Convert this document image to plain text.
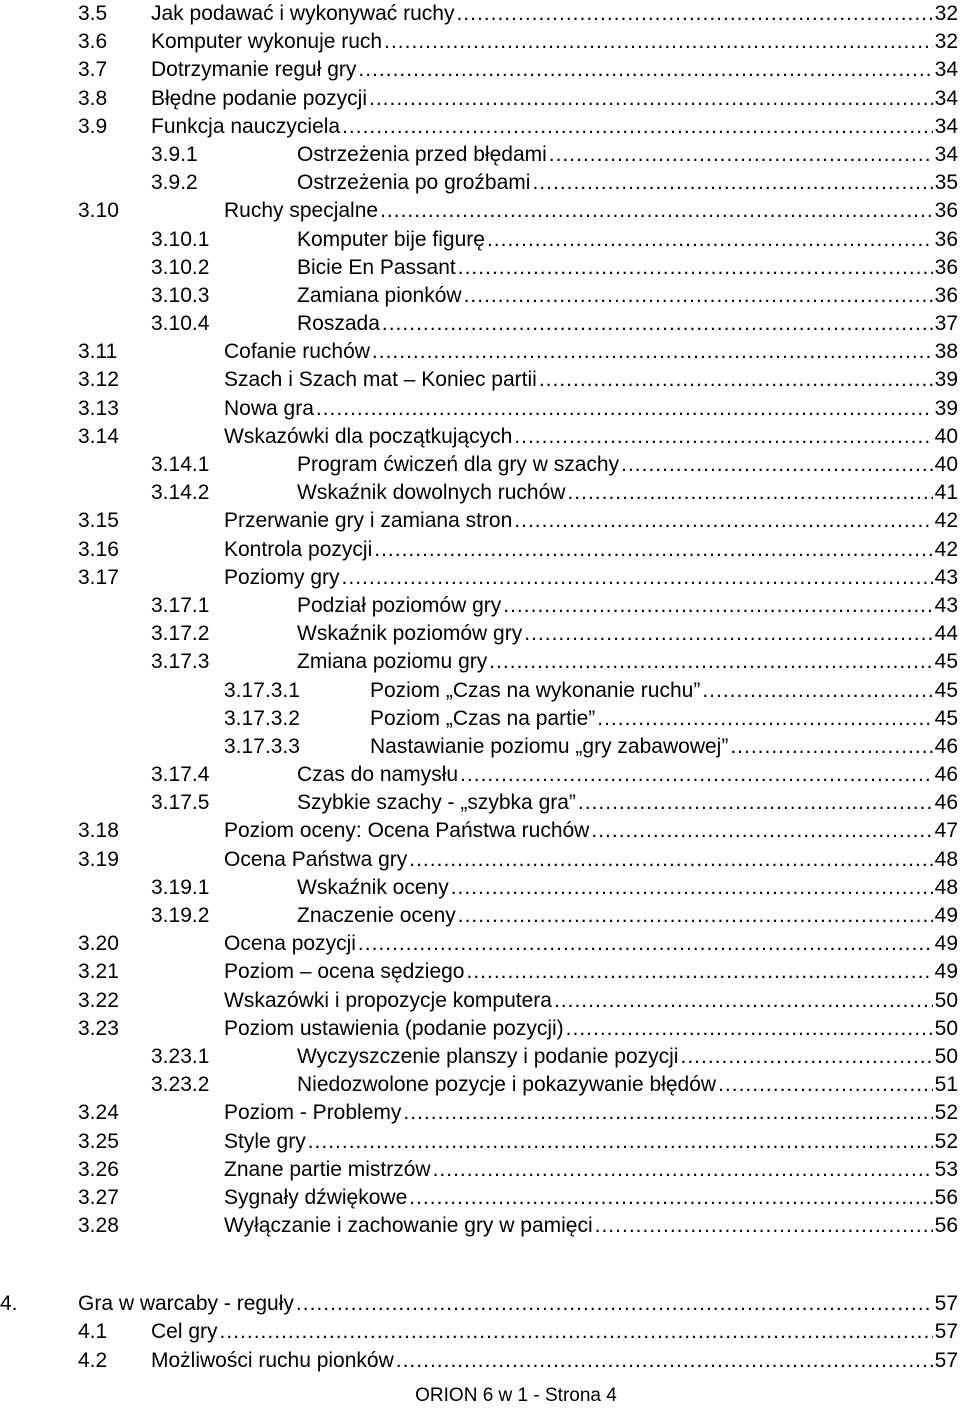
3.5 Jak podawać i wykonywać ruchy .....	32
3.6 Komputer wykonuje ruch .....	32
3.7 Dotrzymanie reguł gry .....	34
3.8 Błędne podanie pozycji .....	34
3.9 Funkcja nauczyciela .....	34
3.9.1	Ostrzeżenia przed błędami .....	34
3.9.2	Ostrzeżenia po groźbami .....	35
3.10	Ruchy specjalne .....	36
3.10.1	Komputer bije figurę .....	36
3.10.2	Bicie En Passant .....	36
3.10.3	Zamiana pionków .....	36
3.10.4	Roszada .....	37
3.11	Cofanie ruchów .....	38
3.12	Szach i Szach mat – Koniec partii .....	39
3.13	Nowa gra .....	39
3.14	Wskazówki dla początkujących .....	40
3.14.1	Program ćwiczeń dla gry w szachy .....	40
3.14.2	Wskaźnik dowolnych ruchów .....	41
3.15	Przerwanie gry i zamiana stron .....	42
3.16	Kontrola pozycji .....	42
3.17	Poziomy gry .....	43
3.17.1	Podział poziomów gry .....	43
3.17.2	Wskaźnik poziomów gry .....	44
3.17.3	Zmiana poziomu gry .....	45
3.17.3.1	Poziom „Czas na wykonanie ruchu” .....	45
3.17.3.2	Poziom „Czas na partie” .....	45
3.17.3.3	Nastawianie poziomu „gry zabawowej” .....	46
3.17.4	Czas do namysłu .....	46
3.17.5	Szybkie szachy - „szybka gra” .....	46
3.18	Poziom oceny: Ocena Państwa ruchów .....	47
3.19	Ocena Państwa gry .....	48
3.19.1	Wskaźnik oceny .....	48
3.19.2	Znaczenie oceny .....	49
3.20	Ocena pozycji .....	49
3.21	Poziom – ocena sędziego .....	49
3.22	Wskazówki i propozycje komputera .....	50
3.23	Poziom ustawienia (podanie pozycji) .....	50
3.23.1	Wyczyszczenie planszy i podanie pozycji .....	50
3.23.2	Niedozwolone pozycje i pokazywanie błędów .....	51
3.24	Poziom - Problemy .....	52
3.25	Style gry .....	52
3.26	Znane partie mistrzów .....	53
3.27	Sygnały dźwiękowe .....	56
3.28	Wyłączanie i zachowanie gry w pamięci .....	56
4.	Gra w warcaby - reguły .....	57
4.1 Cel gry .....	57
4.2 Możliwości ruchu pionków .....	57
ORION 6 w 1 - Strona 4
